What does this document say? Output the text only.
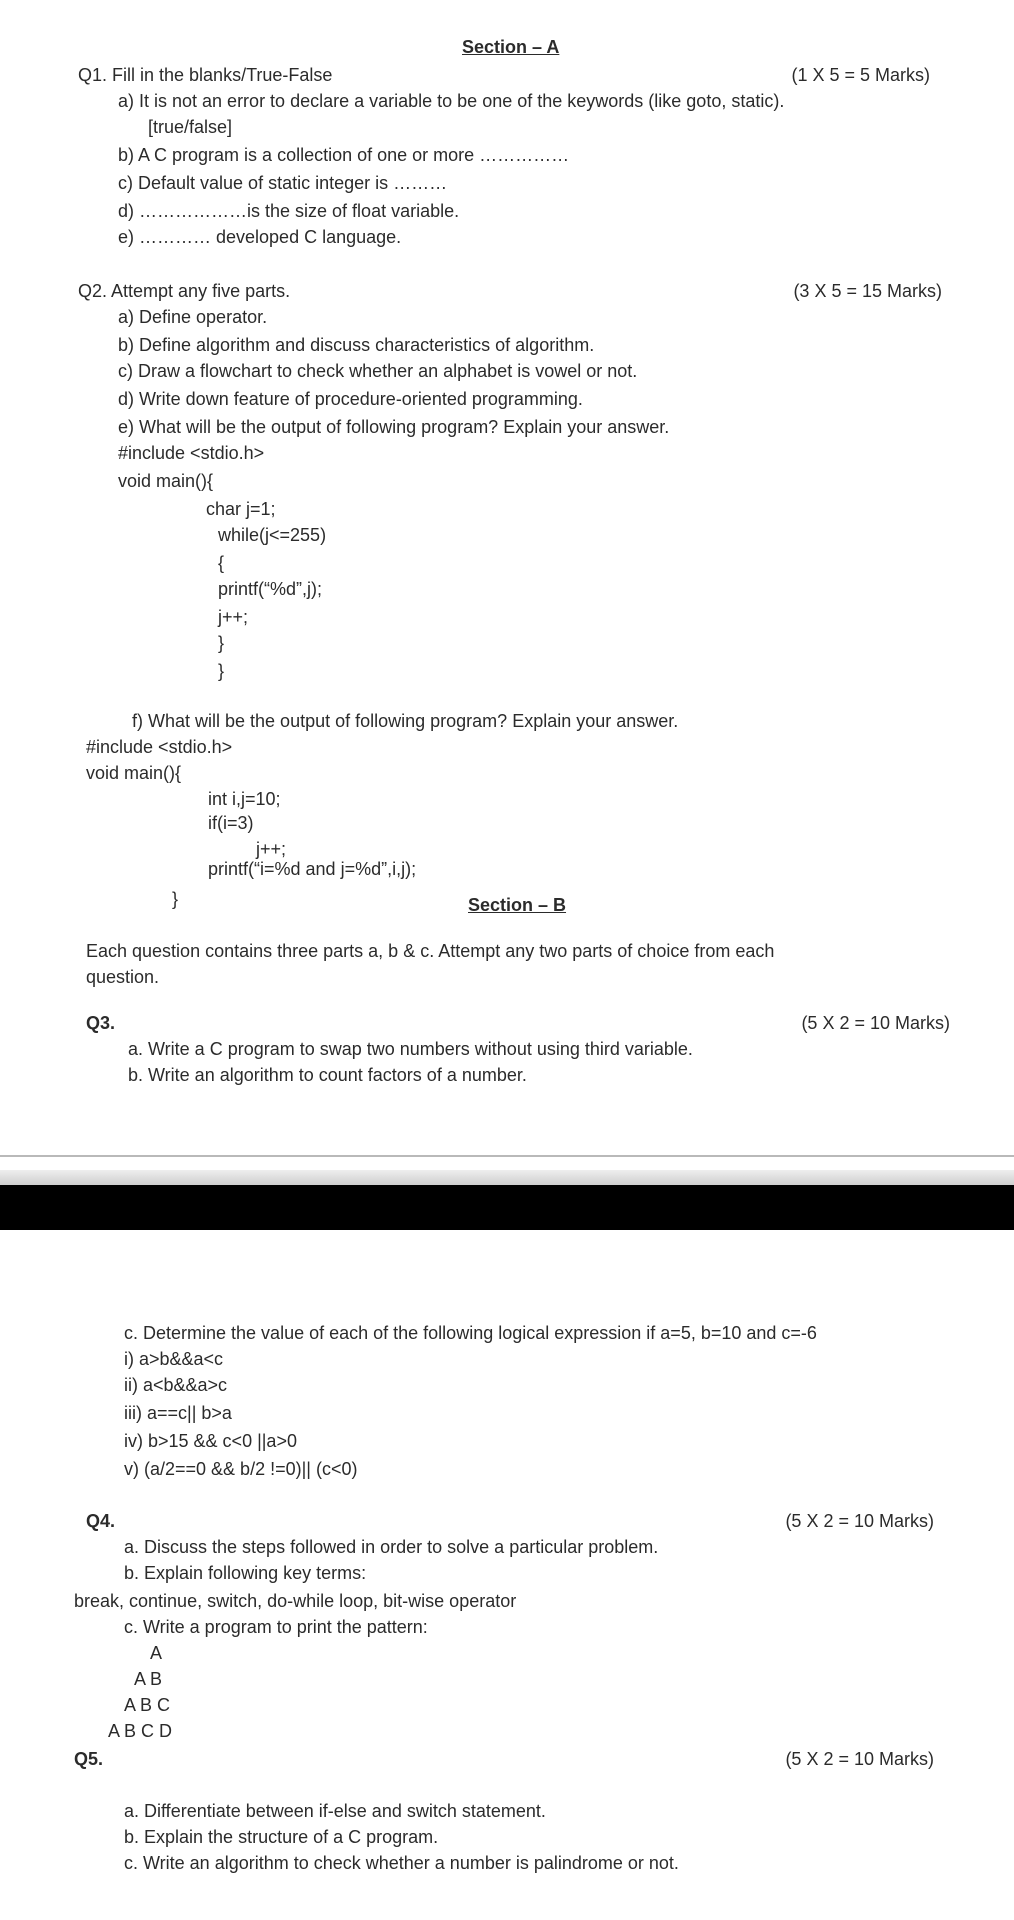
Section – A
Q1. Fill in the blanks/True-False	(1 X 5 = 5 Marks)
a) It is not an error to declare a variable to be one of the keywords (like goto, static).
[true/false]
b) A C program is a collection of one or more ……………
c) Default value of static integer is ………
d) ………………is the size of float variable.
e) ………… developed C language.
Q2. Attempt any five parts.	(3 X 5 = 15 Marks)
a) Define operator.
b) Define algorithm and discuss characteristics of algorithm.
c) Draw a flowchart to check whether an alphabet is vowel or not.
d) Write down feature of procedure-oriented programming.
e) What will be the output of following program? Explain your answer.
#include <stdio.h>
void main(){
char j=1;
while(j<=255)
{
printf(“%d”,j);
j++;
}
}
f) What will be the output of following program? Explain your answer.
#include <stdio.h>
void main(){
int i,j=10;
if(i=3)
j++;
printf(“i=%d and j=%d”,i,j);
}	Section – B
Each question contains three parts a, b & c. Attempt any two parts of choice from each
question.
Q3.	(5 X 2 = 10 Marks)
a. Write a C program to swap two numbers without using third variable.
b. Write an algorithm to count factors of a number.
c. Determine the value of each of the following logical expression if a=5, b=10 and c=-6
i) a>b&&a<c
ii) a<b&&a>c
iii) a==c|| b>a
iv) b>15 && c<0 ||a>0
v) (a/2==0 && b/2 !=0)|| (c<0)
Q4.	(5 X 2 = 10 Marks)
a. Discuss the steps followed in order to solve a particular problem.
b. Explain following key terms:
break, continue, switch, do-while loop, bit-wise operator
c. Write a program to print the pattern:
A
A B
A B C
A B C D
Q5.	(5 X 2 = 10 Marks)
a. Differentiate between if-else and switch statement.
b. Explain the structure of a C program.
c. Write an algorithm to check whether a number is palindrome or not.
